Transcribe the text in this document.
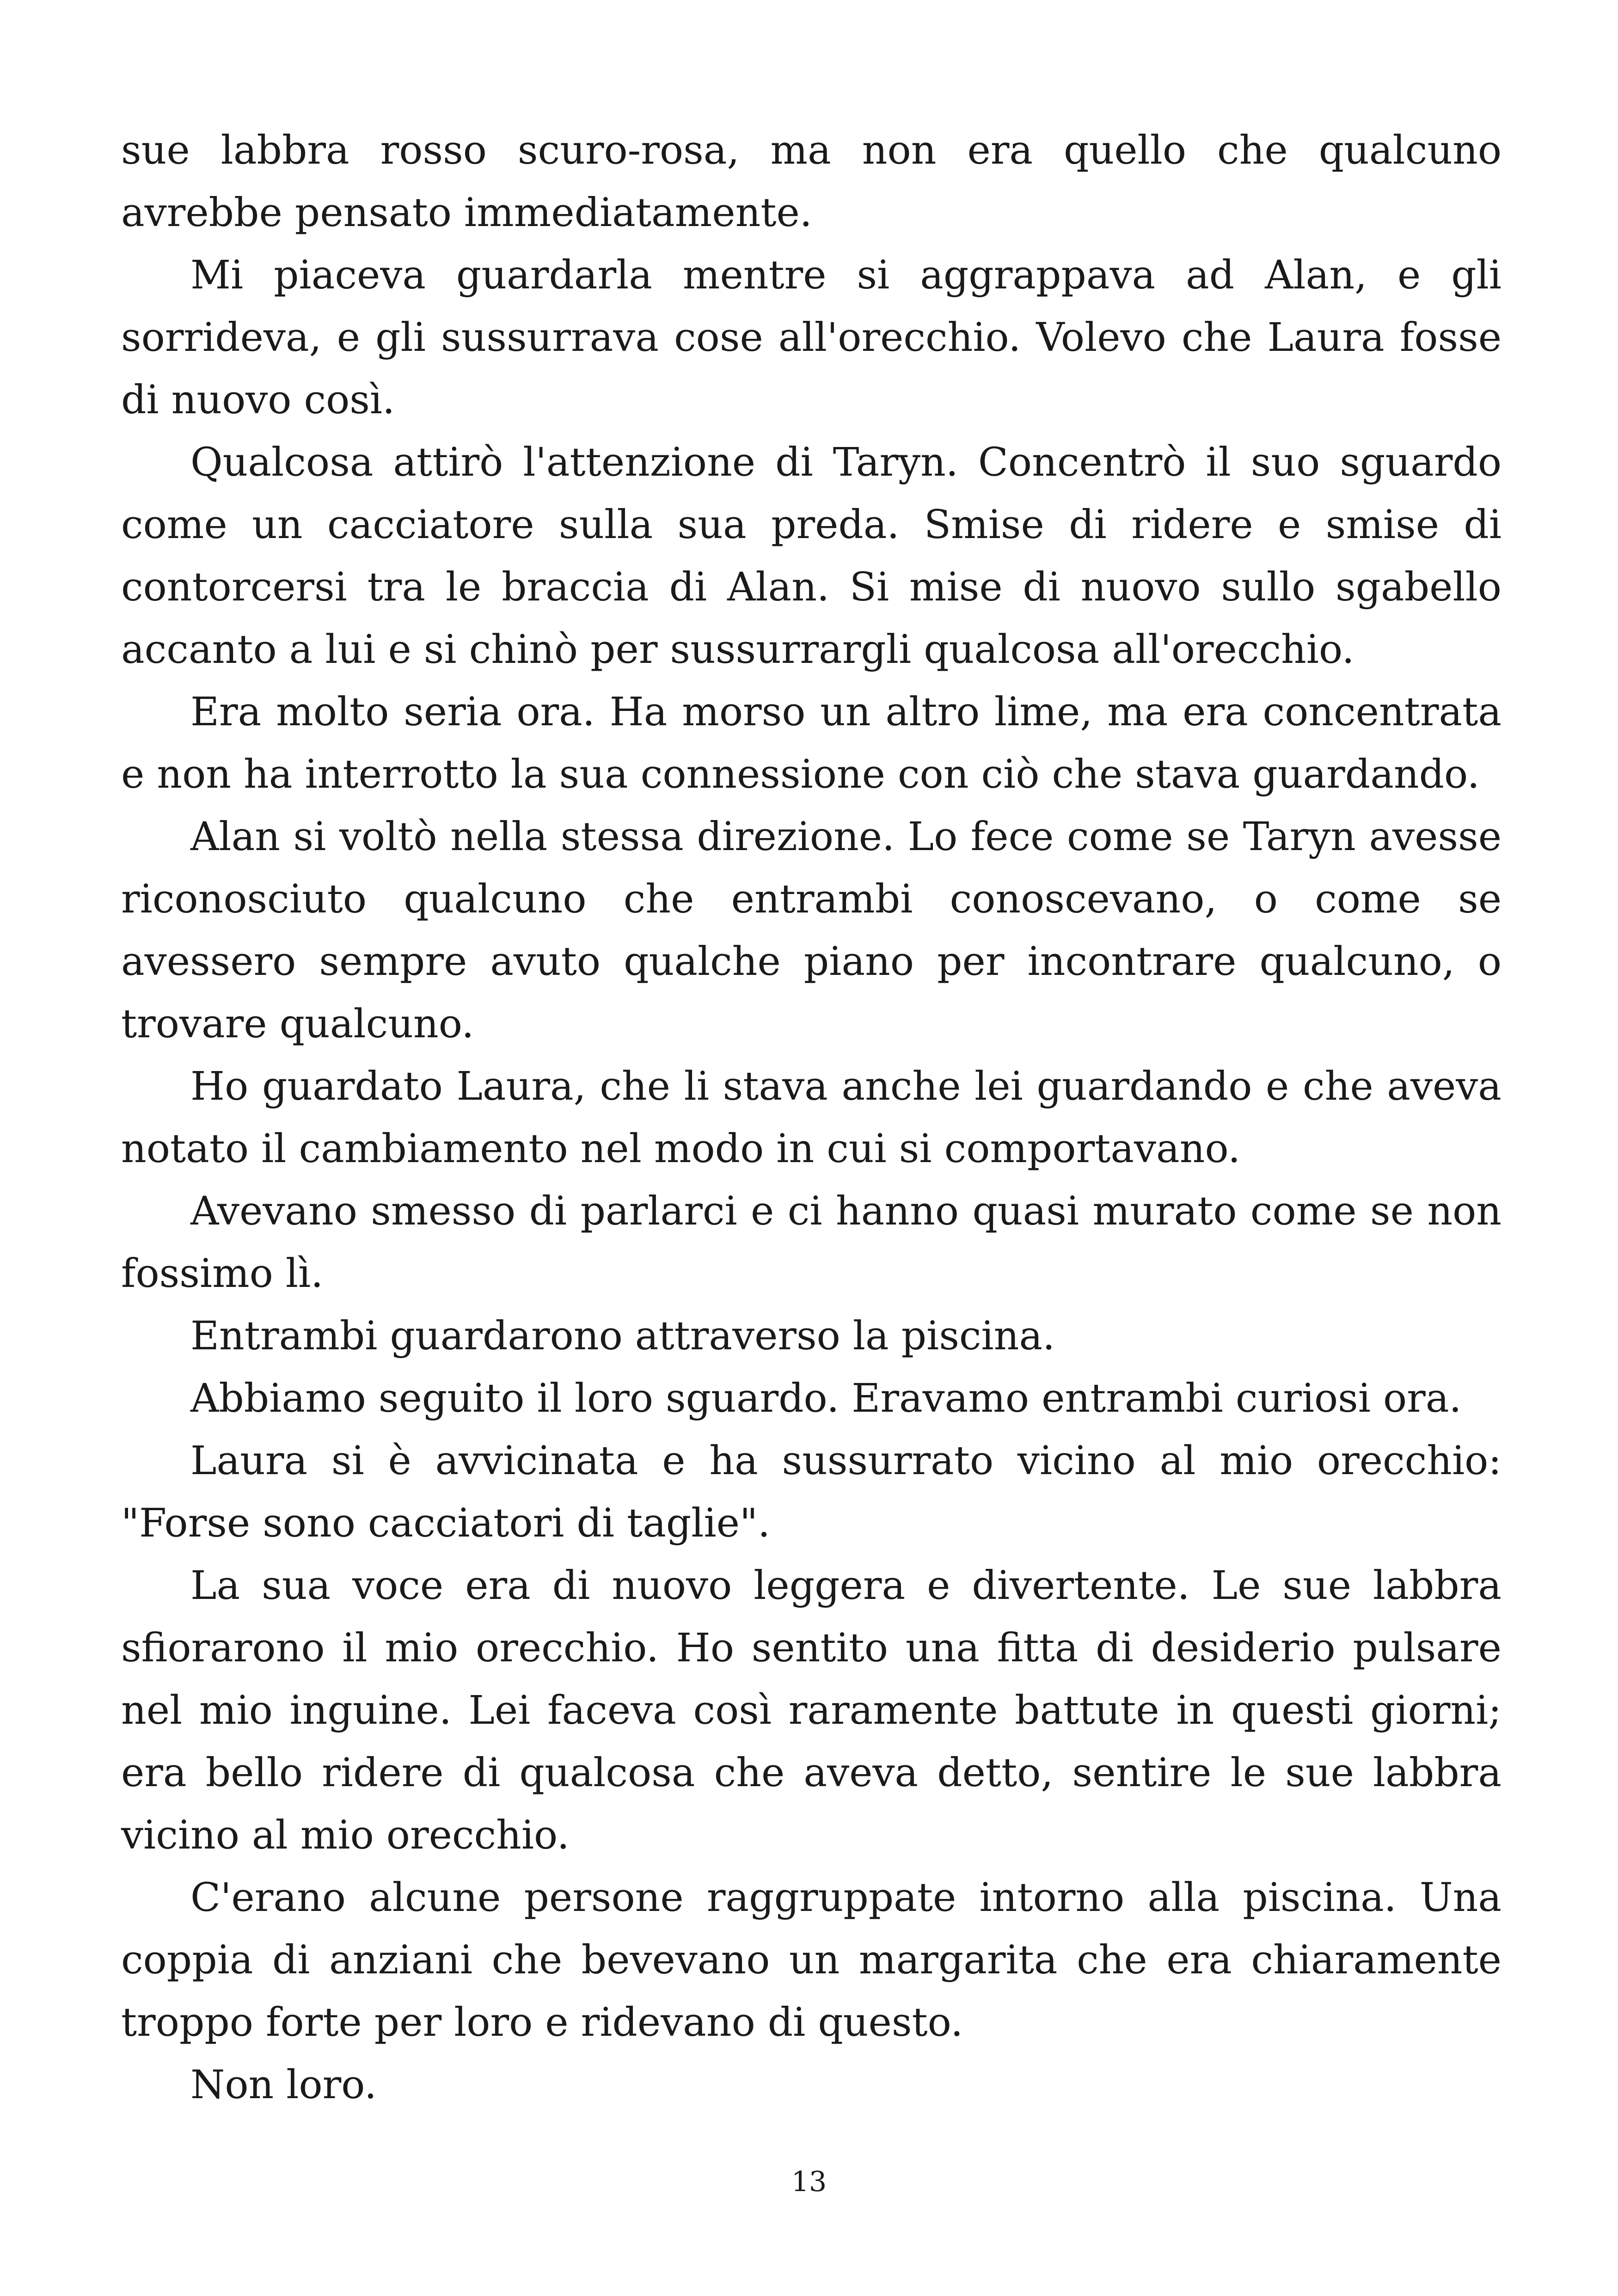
sue labbra rosso scuro-rosa, ma non era quello che qualcuno avrebbe pensato immediatamente.

Mi piaceva guardarla mentre si aggrappava ad Alan, e gli sorrideva, e gli sussurrava cose all'orecchio. Volevo che Laura fosse di nuovo così.

Qualcosa attirò l'attenzione di Taryn. Concentrò il suo sguardo come un cacciatore sulla sua preda. Smise di ridere e smise di contorcersi tra le braccia di Alan. Si mise di nuovo sullo sgabello accanto a lui e si chinò per sussurrargli qualcosa all'orecchio.

Era molto seria ora. Ha morso un altro lime, ma era concentrata e non ha interrotto la sua connessione con ciò che stava guardando.

Alan si voltò nella stessa direzione. Lo fece come se Taryn avesse riconosciuto qualcuno che entrambi conoscevano, o come se avessero sempre avuto qualche piano per incontrare qualcuno, o trovare qualcuno.

Ho guardato Laura, che li stava anche lei guardando e che aveva notato il cambiamento nel modo in cui si comportavano.

Avevano smesso di parlarci e ci hanno quasi murato come se non fossimo lì.

Entrambi guardarono attraverso la piscina.

Abbiamo seguito il loro sguardo. Eravamo entrambi curiosi ora.

Laura si è avvicinata e ha sussurrato vicino al mio orecchio: "Forse sono cacciatori di taglie".

La sua voce era di nuovo leggera e divertente. Le sue labbra sfiorarono il mio orecchio. Ho sentito una fitta di desiderio pulsare nel mio inguine. Lei faceva così raramente battute in questi giorni; era bello ridere di qualcosa che aveva detto, sentire le sue labbra vicino al mio orecchio.

C'erano alcune persone raggruppate intorno alla piscina. Una coppia di anziani che bevevano un margarita che era chiaramente troppo forte per loro e ridevano di questo.

Non loro.

13
